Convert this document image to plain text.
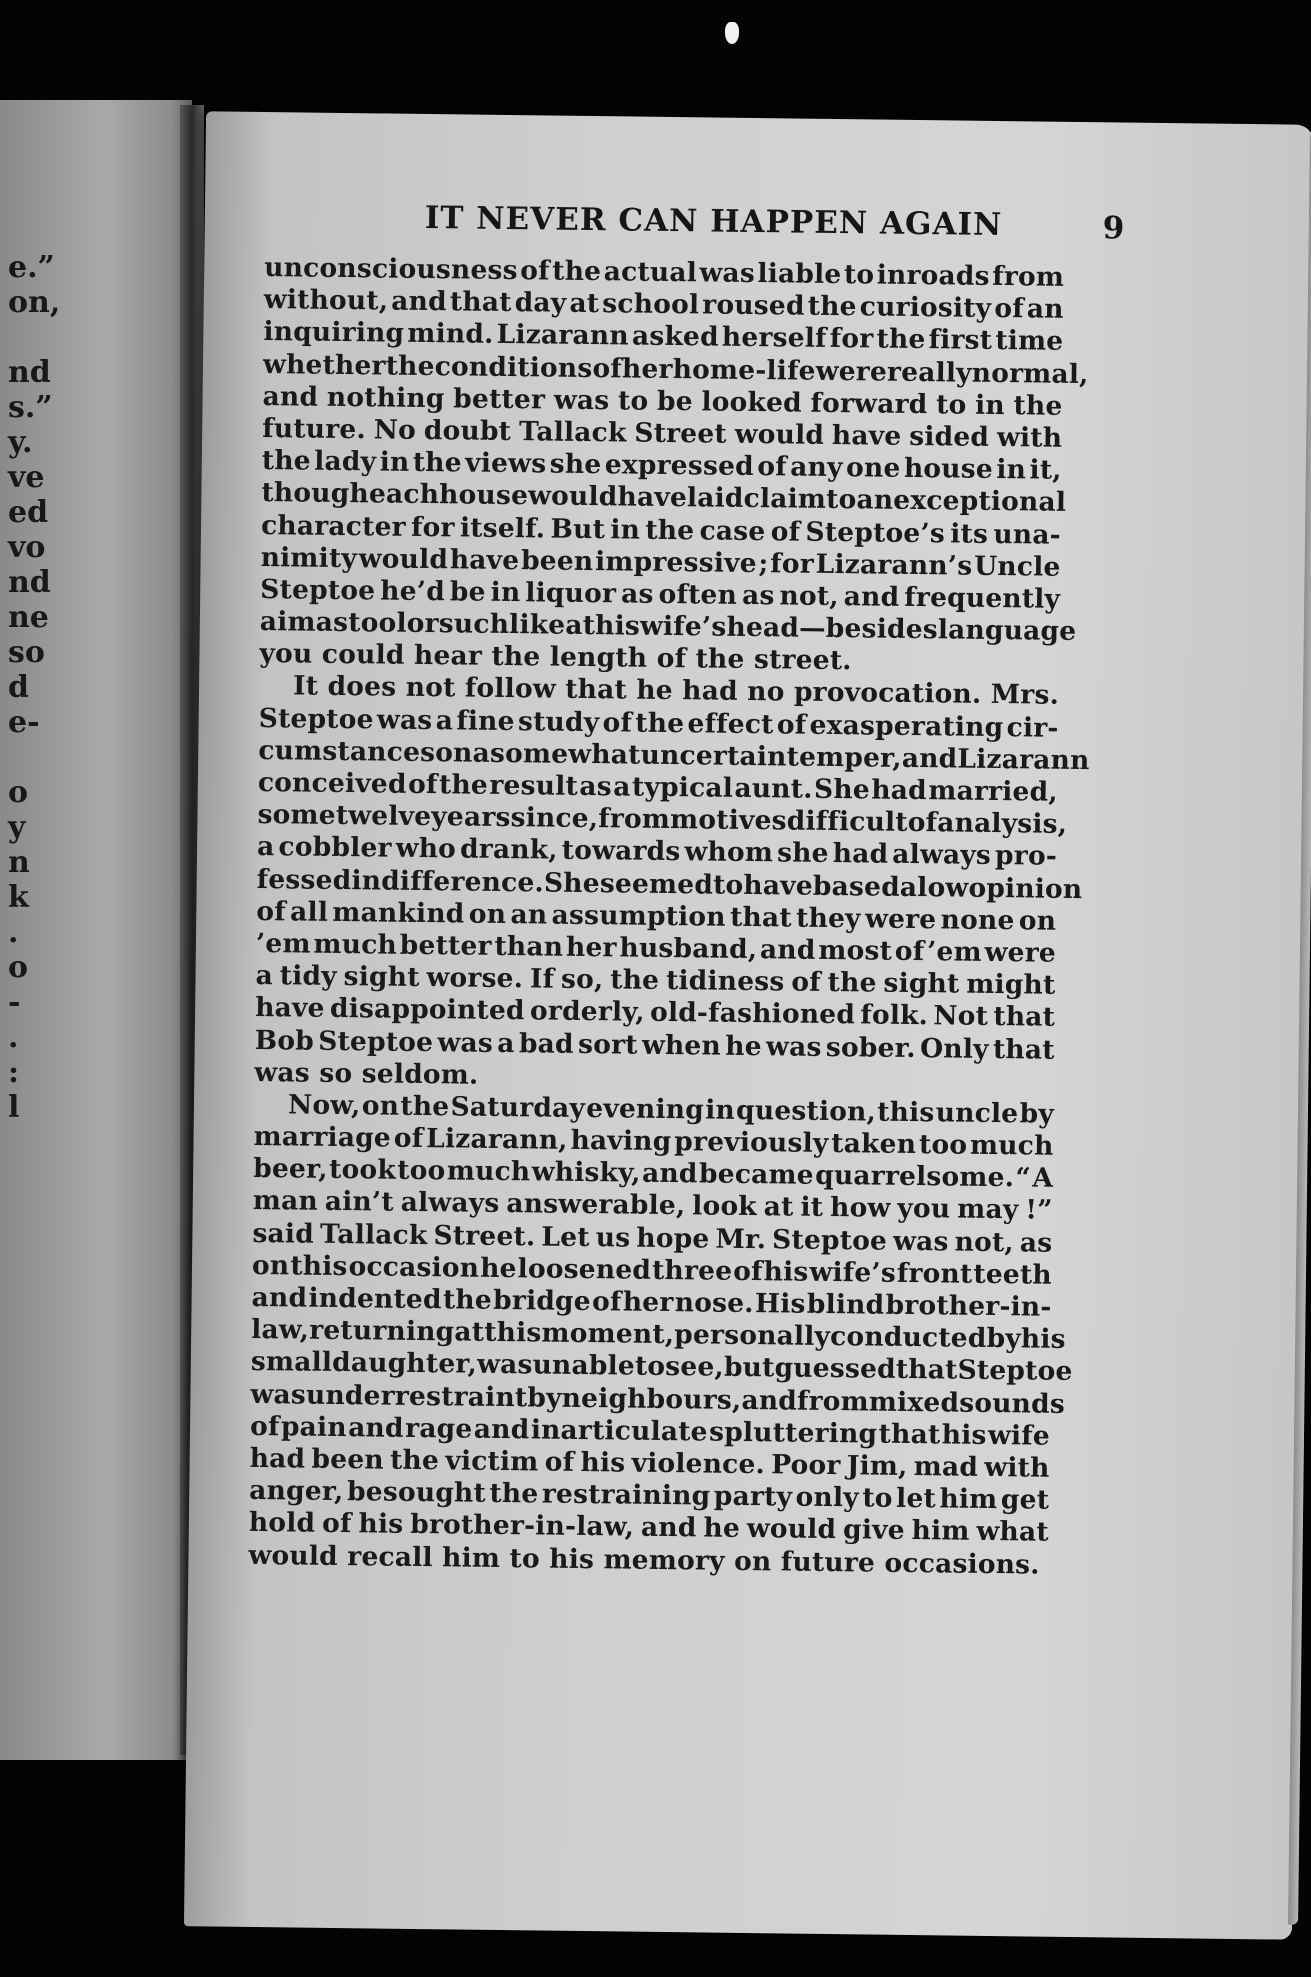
e.”
on,

nd
s.”
y.
ve
ed
vo
nd
ne
so
d
e-

o
y
n
k
.
o
-
.
:
l

IT NEVER CAN HAPPEN AGAIN	9
unconsciousness of the actual was liable to inroads from
without, and that day at school roused the curiosity of an
inquiring mind. Lizarann asked herself for the first time
whether the conditions of her home-life were really normal,
and nothing better was to be looked forward to in the
future. No doubt Tallack Street would have sided with
the lady in the views she expressed of any one house in it,
though each house would have laid claim to an exceptional
character for itself. But in the case of Steptoe’s its una-
nimity would have been impressive ; for Lizarann’s Uncle
Steptoe he’d be in liquor as often as not, and frequently
aim a stool or suchlike at his wife’s head—besides language
you could hear the length of the street.
It does not follow that he had no provocation. Mrs.
Steptoe was a fine study of the effect of exasperating cir-
cumstances on a somewhat uncertain temper, and Lizarann
conceived of the result as a typical aunt. She had married,
some twelve years since, from motives difficult of analysis,
a cobbler who drank, towards whom she had always pro-
fessed indifference. She seemed to have based a low opinion
of all mankind on an assumption that they were none on
’em much better than her husband, and most of ’em were
a tidy sight worse. If so, the tidiness of the sight might
have disappointed orderly, old-fashioned folk. Not that
Bob Steptoe was a bad sort when he was sober. Only that
was so seldom.
Now, on the Saturday evening in question, this uncle by
marriage of Lizarann, having previously taken too much
beer, took too much whisky, and became quarrelsome. “ A
man ain’t always answerable, look at it how you may !”
said Tallack Street. Let us hope Mr. Steptoe was not, as
on this occasion he loosened three of his wife’s front teeth
and indented the bridge of her nose. His blind brother-in-
law, returning at this moment, personally conducted by his
small daughter, was unable to see, but guessed that Steptoe
was under restraint by neighbours, and from mixed sounds
of pain and rage and inarticulate spluttering that his wife
had been the victim of his violence. Poor Jim, mad with
anger, besought the restraining party only to let him get
hold of his brother-in-law, and he would give him what
would recall him to his memory on future occasions.
